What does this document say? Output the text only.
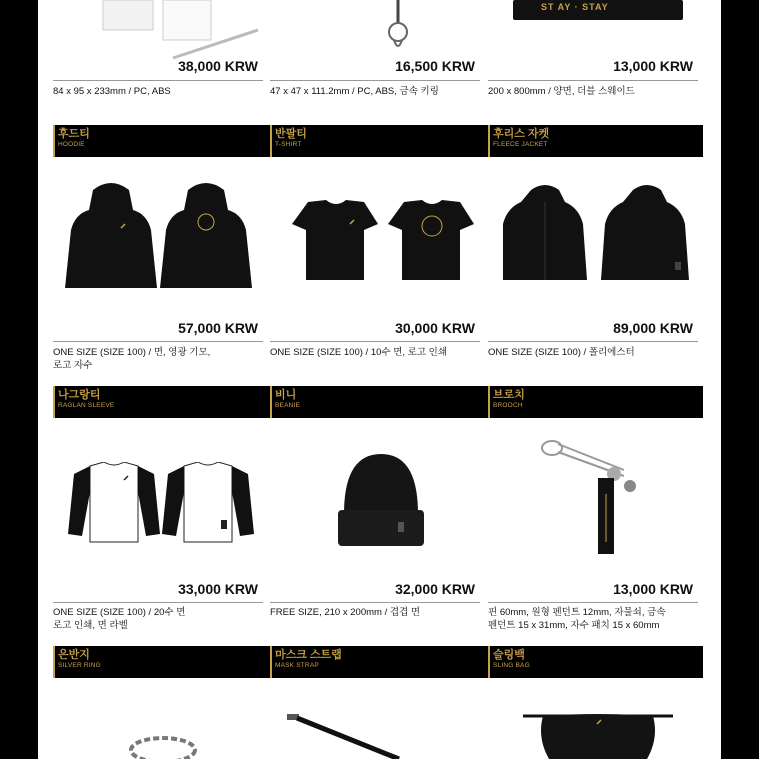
ST AY · STAY
38,000 KRW	16,500 KRW	13,000 KRW
84 x 95 x 233mm / PC, ABS	47 x 47 x 111.2mm / PC, ABS, 금속 키링	200 x 800mm / 양면, 더블 스웨이드
후드티
HOODIE
반팔티
T-SHIRT
후리스 자켓
FLEECE JACKET
57,000 KRW	30,000 KRW	89,000 KRW
ONE SIZE (SIZE 100) / 면, 영광 기모,
로고 자수
ONE SIZE (SIZE 100) / 10수 면, 로고 인쇄	ONE SIZE (SIZE 100) / 폴리에스터
나그랑티
RAGLAN SLEEVE
비니
BEANIE
브로치
BROOCH
33,000 KRW	32,000 KRW	13,000 KRW
ONE SIZE (SIZE 100) / 20수 면
로고 인쇄, 면 라벨
FREE SIZE, 210 x 200mm / 겹겹 면	핀 60mm, 원형 펜던트 12mm, 자물쇠, 금속
펜던트 15 x 31mm, 자수 패치 15 x 60mm
은반지
SILVER RING
마스크 스트랩
MASK STRAP
슬링백
SLING BAG
